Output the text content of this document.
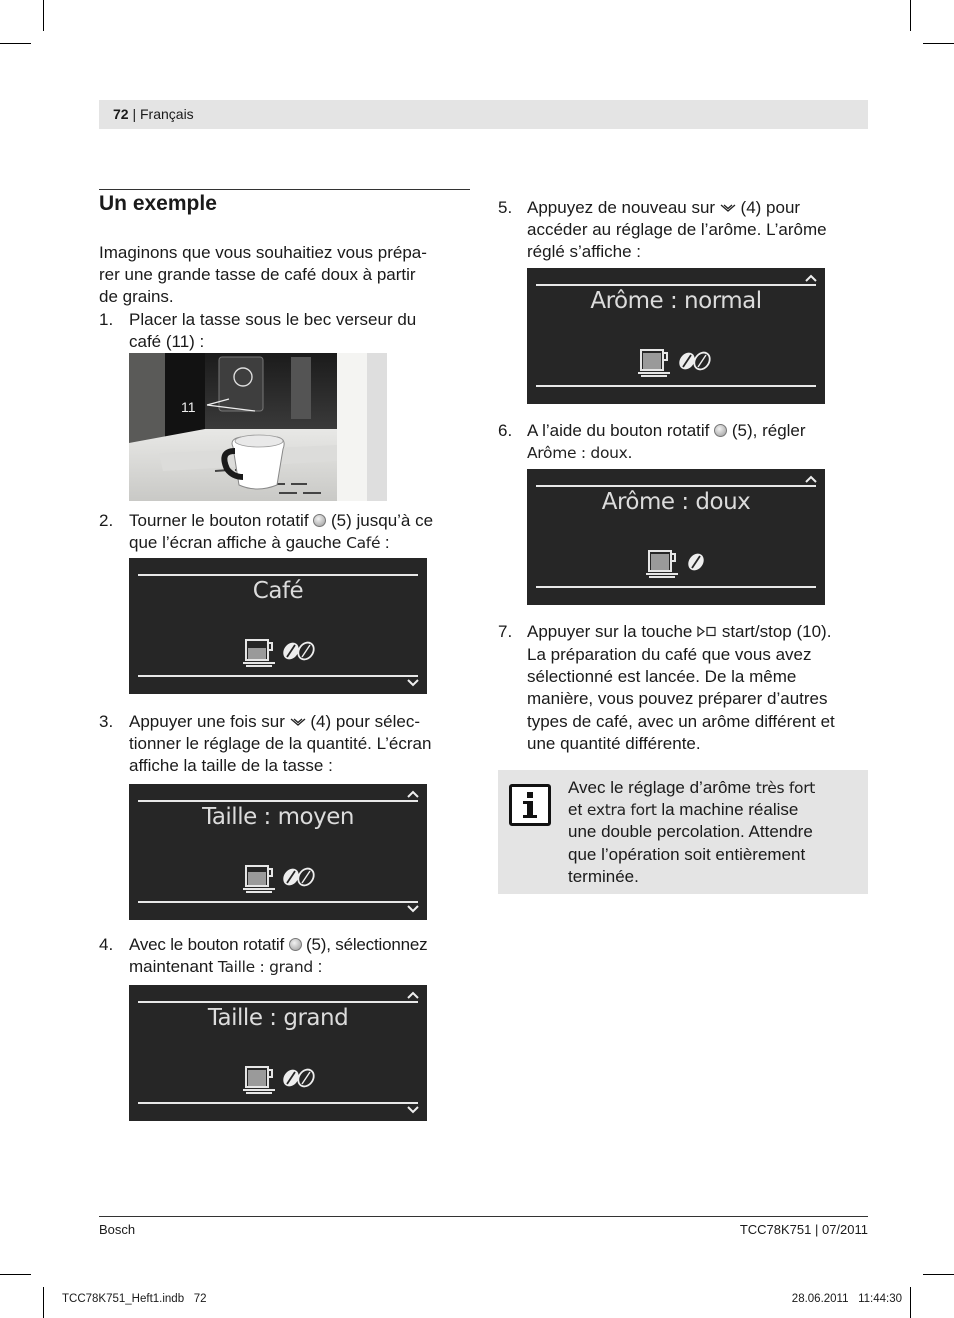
72 | Français
Un exemple

Imaginons que vous souhaitiez vous prépa-

rer une grande tasse de café doux à partir

de grains.

1. Placer la tasse sous le bec verseur du

café (11) :

11
2. Tourner le bouton rotatif  (5) jusqu’à ce

que l’écran affiche à gauche Café :

Café
3. Appuyer une fois sur  (4) pour sélec-

tionner le réglage de la quantité. L’écran

affiche la taille de la tasse :

Taille : moyen
4. Avec le bouton rotatif  (5), sélectionnez

maintenant Taille : grand :

Taille : grand
5. Appuyez de nouveau sur  (4) pour

accéder au réglage de l’arôme. L’arôme

réglé s’affiche :

Arôme : normal
6. A l’aide du bouton rotatif  (5), régler

Arôme : doux.

Arôme : doux
7. Appuyer sur la touche  start/stop (10).

La préparation du café que vous avez

sélectionné est lancée. De la même

manière, vous pouvez préparer d’autres

types de café, avec un arôme différent et

une quantité différente.

Avec le réglage d’arôme très fort

et extra fort la machine réalise

une double percolation. Attendre

que l’opération soit entièrement

terminée.

Bosch	TCC78K751 | 07/2011
TCC78K751_Heft1.indb   72	28.06.2011   11:44:30
